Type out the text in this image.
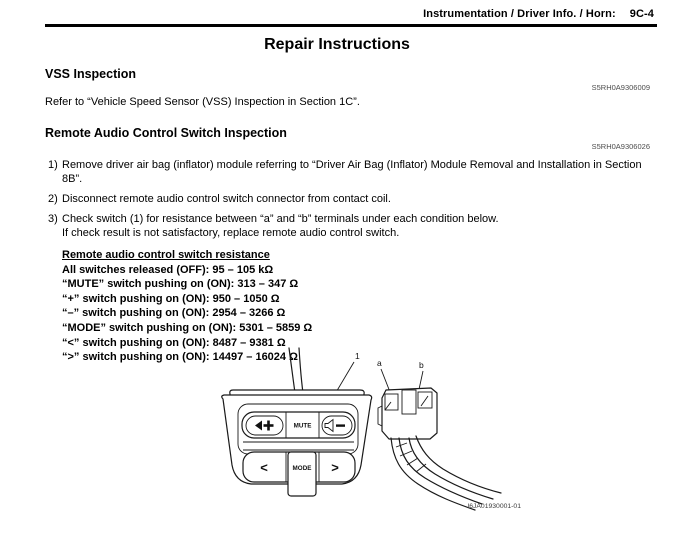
Instrumentation / Driver Info. / Horn: 9C-4
Repair Instructions
VSS Inspection
S5RH0A9306009
Refer to “Vehicle Speed Sensor (VSS) Inspection in Section 1C”.
Remote Audio Control Switch Inspection
S5RH0A9306026
1) Remove driver air bag (inflator) module referring to “Driver Air Bag (Inflator) Module Removal and Installation in Section 8B”.
2) Disconnect remote audio control switch connector from contact coil.
3) Check switch (1) for resistance between “a” and “b” terminals under each condition below.
If check result is not satisfactory, replace remote audio control switch.
Remote audio control switch resistance
All switches released (OFF): 95 – 105 kΩ
“MUTE” switch pushing on (ON): 313 – 347 Ω
“+” switch pushing on (ON): 950 – 1050 Ω
“–” switch pushing on (ON): 2954 – 3266 Ω
“MODE” switch pushing on (ON): 5301 – 5859 Ω
“<” switch pushing on (ON): 8487 – 9381 Ω
“>” switch pushing on (ON): 14497 – 16024 Ω	1
MUTE
<	MODE >
a	b
I6JA01930001-01
